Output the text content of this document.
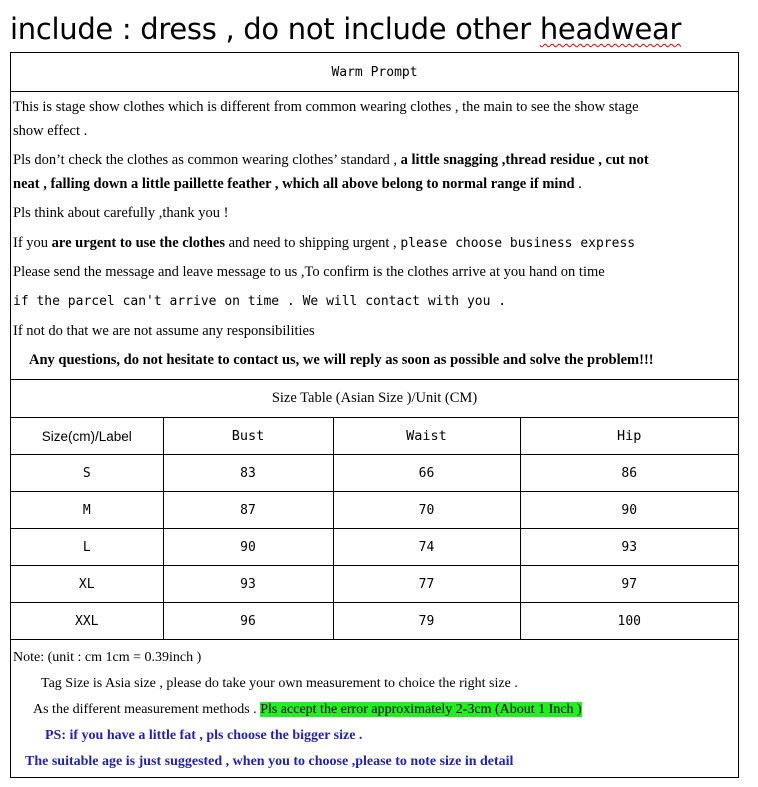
include : dress , do not include other headwear
Warm Prompt
This is stage show clothes which is different from common wearing clothes , the main to see the show stage
show effect .
Pls don’t check the clothes as common wearing clothes’ standard , a little snagging ,thread residue , cut not
neat , falling down a little paillette feather , which all above belong to normal range if mind .
Pls think about carefully ,thank you !
If you are urgent to use the clothes and need to shipping urgent , please choose business express
Please send the message and leave message to us ,To confirm is the clothes arrive at you hand on time
if the parcel can't arrive on time . We will contact with you .
If not do that we are not assume any responsibilities
Any questions, do not hesitate to contact us, we will reply as soon as possible and solve the problem!!!
Size Table (Asian Size )/Unit (CM)
Size(cm)/Label	Bust	Waist	Hip
S	83	66	86
M	87	70	90
L	90	74	93
XL	93	77	97
XXL	96	79	100
Note: (unit : cm 1cm = 0.39inch )
Tag Size is Asia size , please do take your own measurement to choice the right size .
As the different measurement methods . Pls accept the error approximately 2-3cm (About 1 Inch )
PS: if you have a little fat , pls choose the bigger size .
The suitable age is just suggested , when you to choose ,please to note size in detail
